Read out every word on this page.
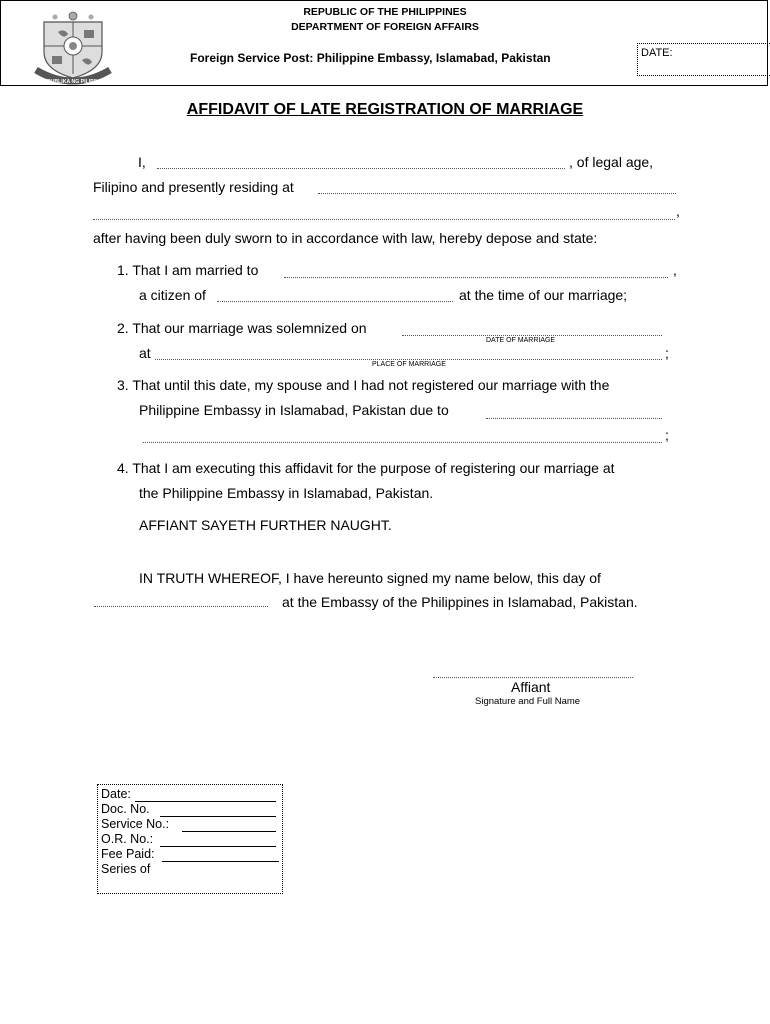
REPUBLIKA NG PILIPINAS
REPUBLIC OF THE PHILIPPINES
DEPARTMENT OF FOREIGN AFFAIRS
Foreign Service Post: Philippine Embassy, Islamabad, Pakistan	DATE:
AFFIDAVIT OF LATE REGISTRATION OF MARRIAGE
I,	, of legal age,
Filipino and presently residing at
,
after having been duly sworn to in accordance with law, hereby depose and state:
1. That I am married to	,
a citizen of	at the time of our marriage;
2. That our marriage was solemnized on
DATE OF MARRIAGE
at	;
PLACE OF MARRIAGE
3. That until this date, my spouse and I had not registered our marriage with the
Philippine Embassy in Islamabad, Pakistan due to
;
4. That I am executing this affidavit for the purpose of registering our marriage at
the Philippine Embassy in Islamabad, Pakistan.
AFFIANT SAYETH FURTHER NAUGHT.
IN TRUTH WHEREOF, I have hereunto signed my name below, this day of
at the Embassy of the Philippines in Islamabad, Pakistan.
Affiant
Signature and Full Name
Date:
Doc. No.
Service No.:
O.R. No.:
Fee Paid:
Series of
